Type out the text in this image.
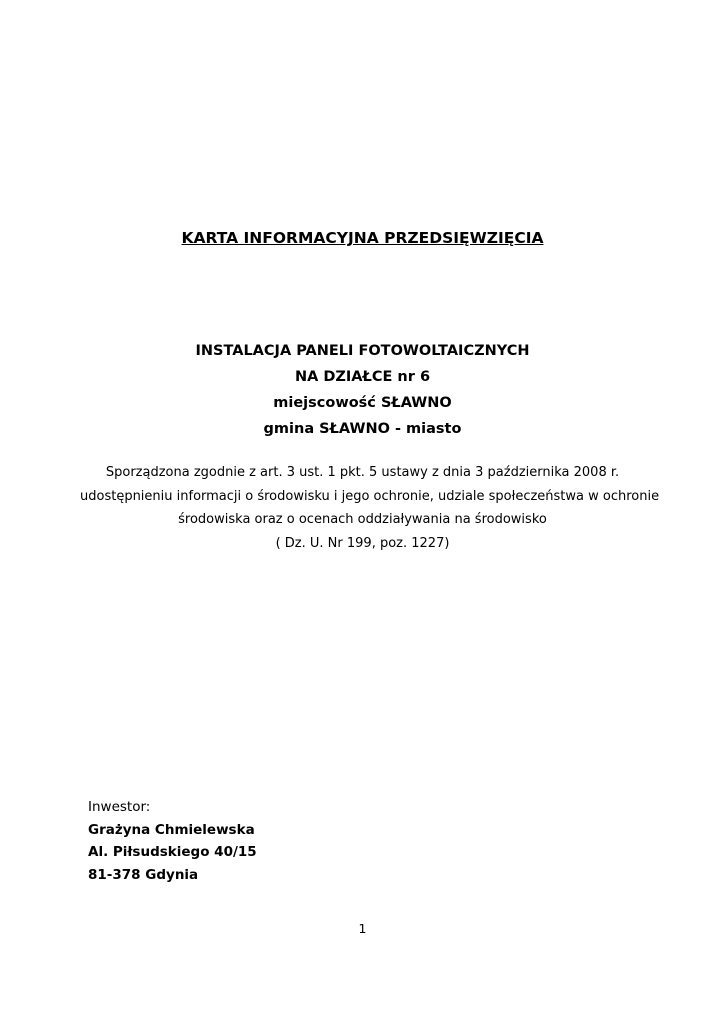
KARTA INFORMACYJNA PRZEDSIĘWZIĘCIA
INSTALACJA PANELI FOTOWOLTAICZNYCH
NA DZIAŁCE nr 6
miejscowość SŁAWNO
gmina SŁAWNO - miasto
Sporządzona zgodnie z art. 3 ust. 1 pkt. 5 ustawy z dnia 3 października 2008 r.
udostępnieniu informacji o środowisku i jego ochronie, udziale społeczeństwa w ochronie
środowiska oraz o ocenach oddziaływania na środowisko
( Dz. U. Nr 199, poz. 1227)
Inwestor:
Grażyna Chmielewska
Al. Piłsudskiego 40/15
81-378 Gdynia
1
